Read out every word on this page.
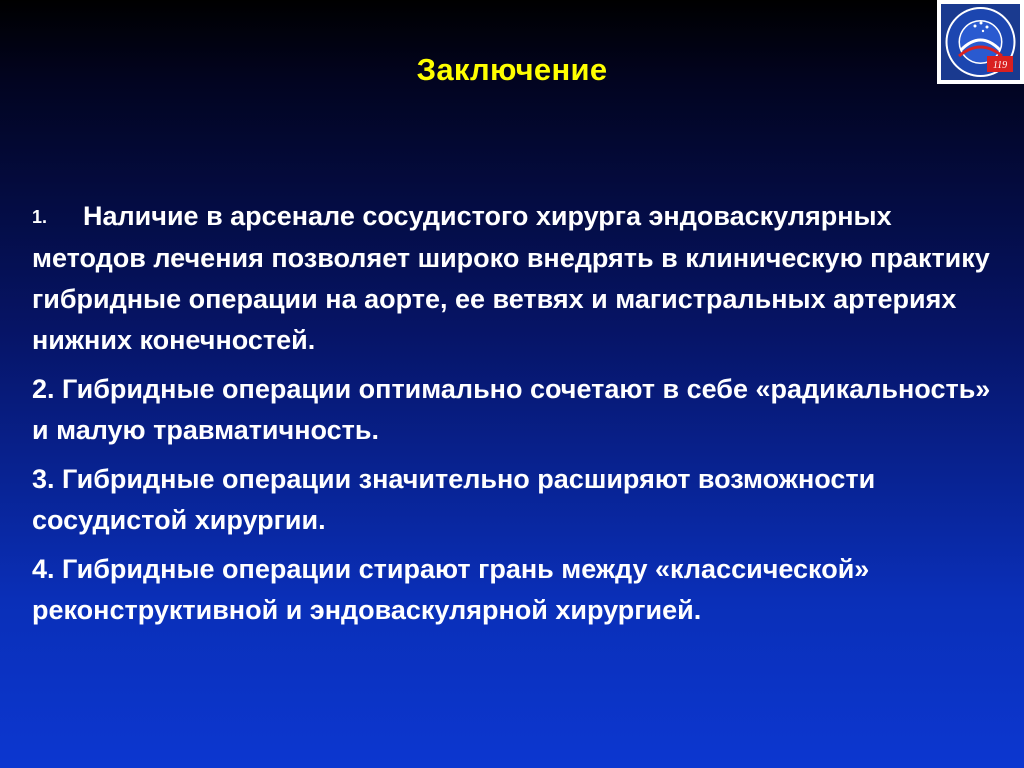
Заключение	119
1. Наличие в арсенале сосудистого хирурга эндоваскулярных методов лечения позволяет широко внедрять в клиническую практику гибридные операции на аорте, ее ветвях и магистральных артериях нижних конечностей.
2. Гибридные операции оптимально сочетают в себе «радикальность» и малую травматичность.
3. Гибридные операции значительно расширяют возможности сосудистой хирургии.
4. Гибридные операции стирают грань между «классической» реконструктивной и эндоваскулярной хирургией.
